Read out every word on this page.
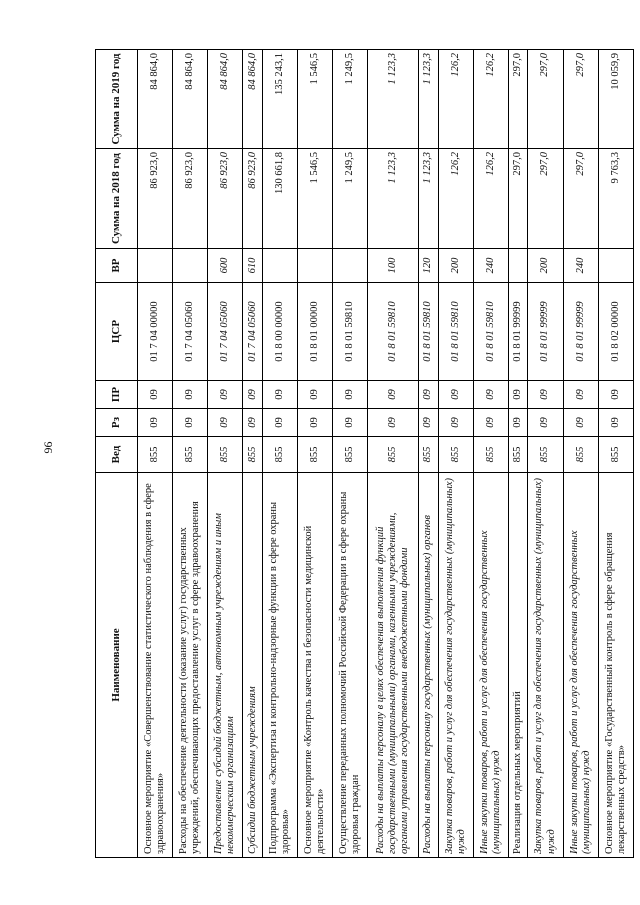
96
Наименование	Вед	Рз	ПР	ЦСР	ВР	Сумма на 2018 год	Сумма на 2019 год
Основное мероприятие «Совершенствование статистического наблюдения в сфере здравоохранения»	855	09	09	01 7 04 00000		86 923,0	84 864,0
Расходы на обеспечение деятельности (оказание услуг) государственных учреждений, обеспечивающих предоставление услуг в сфере здравоохранения	855	09	09	01 7 04 05060		86 923,0	84 864,0
Предоставление субсидий бюджетным, автономным учреждениям и иным некоммерческим организациям	855	09	09	01 7 04 05060	600	86 923,0	84 864,0
Субсидии бюджетным учреждениям	855	09	09	01 7 04 05060	610	86 923,0	84 864,0
Подпрограмма «Экспертиза и контрольно-надзорные функции в сфере охраны здоровья»	855	09	09	01 8 00 00000		130 661,8	135 243,1
Основное мероприятие «Контроль качества и безопасности медицинской деятельности»	855	09	09	01 8 01 00000		1 546,5	1 546,5
Осуществление переданных полномочий Российской Федерации в сфере охраны здоровья граждан	855	09	09	01 8 01 59810		1 249,5	1 249,5
Расходы на выплаты персоналу в целях обеспечения выполнения функций государственными (муниципальными) органами, казенными учреждениями, органами управления государственными внебюджетными фондами	855	09	09	01 8 01 59810	100	1 123,3	1 123,3
Расходы на выплаты персоналу государственных (муниципальных) органов	855	09	09	01 8 01 59810	120	1 123,3	1 123,3
Закупка товаров, работ и услуг для обеспечения государственных (муниципальных) нужд	855	09	09	01 8 01 59810	200	126,2	126,2
Иные закупки товаров, работ и услуг для обеспечения государственных (муниципальных) нужд	855	09	09	01 8 01 59810	240	126,2	126,2
Реализация отдельных мероприятий	855	09	09	01 8 01 99999		297,0	297,0
Закупка товаров, работ и услуг для обеспечения государственных (муниципальных) нужд	855	09	09	01 8 01 99999	200	297,0	297,0
Иные закупки товаров, работ и услуг для обеспечения государственных (муниципальных) нужд	855	09	09	01 8 01 99999	240	297,0	297,0
Основное мероприятие «Государственный контроль в сфере обращения лекарственных средств»	855	09	09	01 8 02 00000		9 763,3	10 059,9
